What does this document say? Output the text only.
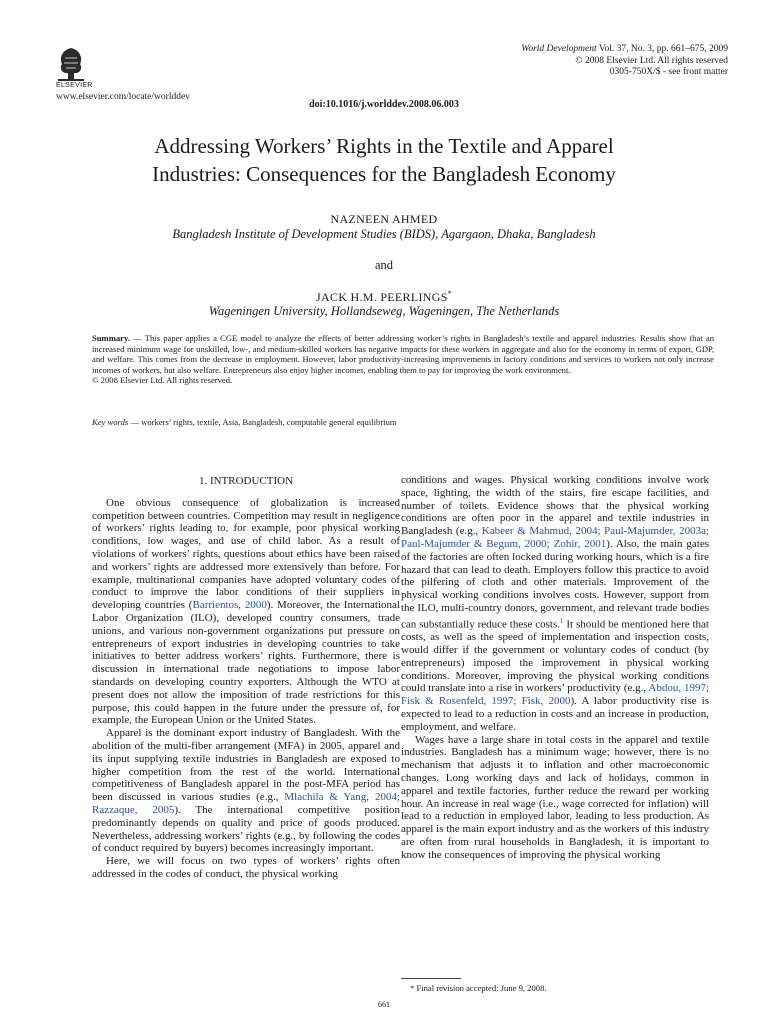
ELSEVIER
www.elsevier.com/locate/worlddev
World Development Vol. 37, No. 3, pp. 661–675, 2009
© 2008 Elsevier Ltd. All rights reserved
0305-750X/$ - see front matter
doi:10.1016/j.worlddev.2008.06.003
Addressing Workers’ Rights in the Textile and Apparel
Industries: Consequences for the Bangladesh Economy
NAZNEEN AHMED
Bangladesh Institute of Development Studies (BIDS), Agargaon, Dhaka, Bangladesh
and
JACK H.M. PEERLINGS*
Wageningen University, Hollandseweg, Wageningen, The Netherlands
Summary. — This paper applies a CGE model to analyze the effects of better addressing worker’s rights in Bangladesh’s textile and apparel industries. Results show that an increased minimum wage for unskilled, low-, and medium-skilled workers has negative impacts for these workers in aggregate and also for the economy in terms of export, GDP, and welfare. This comes from the decrease in employment. However, labor productivity-increasing improvements in factory conditions and services to workers not only increase incomes of workers, but also welfare. Entrepreneurs also enjoy higher incomes, enabling them to pay for improving the work environment.
© 2008 Elsevier Ltd. All rights reserved.
Key words — workers’ rights, textile, Asia, Bangladesh, computable general equilibrium
1. INTRODUCTION

One obvious consequence of globalization is increased competition between countries. Competition may result in negligence of workers’ rights leading to, for example, poor physical working conditions, low wages, and use of child labor. As a result of violations of workers’ rights, questions about ethics have been raised and workers’ rights are addressed more extensively than before. For example, multinational companies have adopted voluntary codes of conduct to improve the labor conditions of their suppliers in developing countries (Barrientos, 2000). Moreover, the International Labor Organization (ILO), developed country consumers, trade unions, and various non-government organizations put pressure on entrepreneurs of export industries in developing countries to take initiatives to better address workers’ rights. Furthermore, there is discussion in international trade negotiations to impose labor standards on developing country exporters. Although the WTO at present does not allow the imposition of trade restrictions for this purpose, this could happen in the future under the pressure of, for example, the European Union or the United States.

Apparel is the dominant export industry of Bangladesh. With the abolition of the multi-fiber arrangement (MFA) in 2005, apparel and its input supplying textile industries in Bangladesh are exposed to higher competition from the rest of the world. International competitiveness of Bangladesh apparel in the post-MFA period has been discussed in various studies (e.g., Mlachila & Yang, 2004; Razzaque, 2005). The international competitive position predominantly depends on quality and price of goods produced. Nevertheless, addressing workers’ rights (e.g., by following the codes of conduct required by buyers) becomes increasingly important.

Here, we will focus on two types of workers’ rights often addressed in the codes of conduct, the physical working

conditions and wages. Physical working conditions involve work space, lighting, the width of the stairs, fire escape facilities, and number of toilets. Evidence shows that the physical working conditions are often poor in the apparel and textile industries in Bangladesh (e.g., Kabeer & Mahmud, 2004; Paul-Majumder, 2003a; Paul-Majumder & Begum, 2000; Zohir, 2001). Also, the main gates of the factories are often locked during working hours, which is a fire hazard that can lead to death. Employers follow this practice to avoid the pilfering of cloth and other materials. Improvement of the physical working conditions involves costs. However, support from the ILO, multi-country donors, government, and relevant trade bodies can substantially reduce these costs.$^1$ It should be mentioned here that costs, as well as the speed of implementation and inspection costs, would differ if the government or voluntary codes of conduct (by entrepreneurs) imposed the improvement in physical working conditions. Moreover, improving the physical working conditions could translate into a rise in workers’ productivity (e.g., Abdou, 1997; Fisk & Rosenfeld, 1997; Fisk, 2000). A labor productivity rise is expected to lead to a reduction in costs and an increase in production, employment, and welfare.

Wages have a large share in total costs in the apparel and textile industries. Bangladesh has a minimum wage; however, there is no mechanism that adjusts it to inflation and other macroeconomic changes. Long working days and lack of holidays, common in apparel and textile factories, further reduce the reward per working hour. An increase in real wage (i.e., wage corrected for inflation) will lead to a reduction in employed labor, leading to less production. As apparel is the main export industry and as the workers of this industry are often from rural households in Bangladesh, it is important to know the consequences of improving the physical working

* Final revision accepted: June 9, 2008.
661
